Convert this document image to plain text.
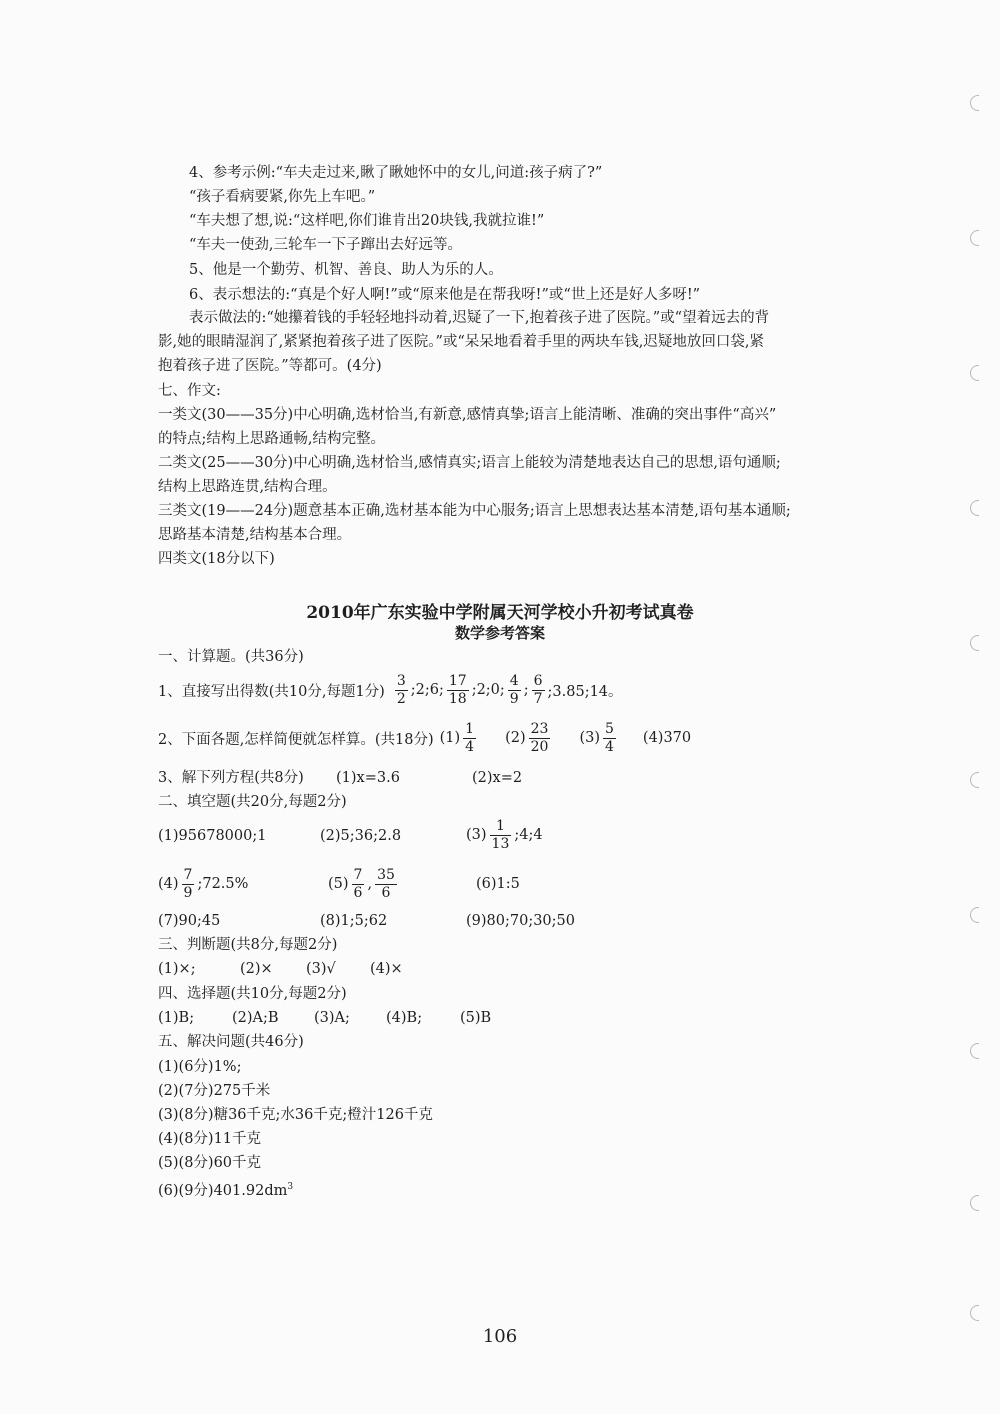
4、参考示例:“车夫走过来,瞅了瞅她怀中的女儿,问道:孩子病了?”
“孩子看病要紧,你先上车吧。”
“车夫想了想,说:“这样吧,你们谁肯出20块钱,我就拉谁!”
“车夫一使劲,三轮车一下子蹿出去好远等。
5、他是一个勤劳、机智、善良、助人为乐的人。
6、表示想法的:“真是个好人啊!”或“原来他是在帮我呀!”或“世上还是好人多呀!”
表示做法的:“她攥着钱的手轻轻地抖动着,迟疑了一下,抱着孩子进了医院。”或“望着远去的背
影,她的眼睛湿润了,紧紧抱着孩子进了医院。”或“呆呆地看着手里的两块车钱,迟疑地放回口袋,紧
抱着孩子进了医院。”等都可。(4分)
七、作文:
一类文(30——35分)中心明确,选材恰当,有新意,感情真挚;语言上能清晰、准确的突出事件“高兴”
的特点;结构上思路通畅,结构完整。
二类文(25——30分)中心明确,选材恰当,感情真实;语言上能较为清楚地表达自己的思想,语句通顺;
结构上思路连贯,结构合理。
三类文(19——24分)题意基本正确,选材基本能为中心服务;语言上思想表达基本清楚,语句基本通顺;
思路基本清楚,结构基本合理。
四类文(18分以下)
2010年广东实验中学附属天河学校小升初考试真卷
数学参考答案
一、计算题。(共36分)
1、直接写出得数(共10分,每题1分) $\frac{3}{2}$ ;2;6; $\frac{17}{18}$ ;2;0; $\frac{4}{9}$ ; $\frac{6}{7}$ ;3.85;14。
2、下面各题,怎样简便就怎样算。(共18分) $(1) \frac{1}{4} (2) \frac{23}{20} (3) \frac{5}{4} (4)370$
3、解下列方程(共8分) (1)x=3.6	(2)x=2
二、填空题(共20分,每题2分)
(1)95678000;1	(2)5;36;2.8	$(3) \frac{1}{13}$ ;4;4
$(4) \frac{7}{9}$ ;72.5%	$(5) \frac{7}{6}$ , $\frac{35}{6}$	(6)1:5
(7)90;45	(8)1;5;62	(9)80;70;30;50
三、判断题(共8分,每题2分)
(1)×;	(2)× (3)√ (4)×
四、选择题(共10分,每题2分)
(1)B;	(2)A;B (3)A; (4)B;	(5)B
五、解决问题(共46分)
(1)(6分)1%;
(2)(7分)275千米
(3)(8分)糖36千克;水36千克;橙汁126千克
(4)(8分)11千克
(5)(8分)60千克
(6)(9分)$401.92dm^3$
106
